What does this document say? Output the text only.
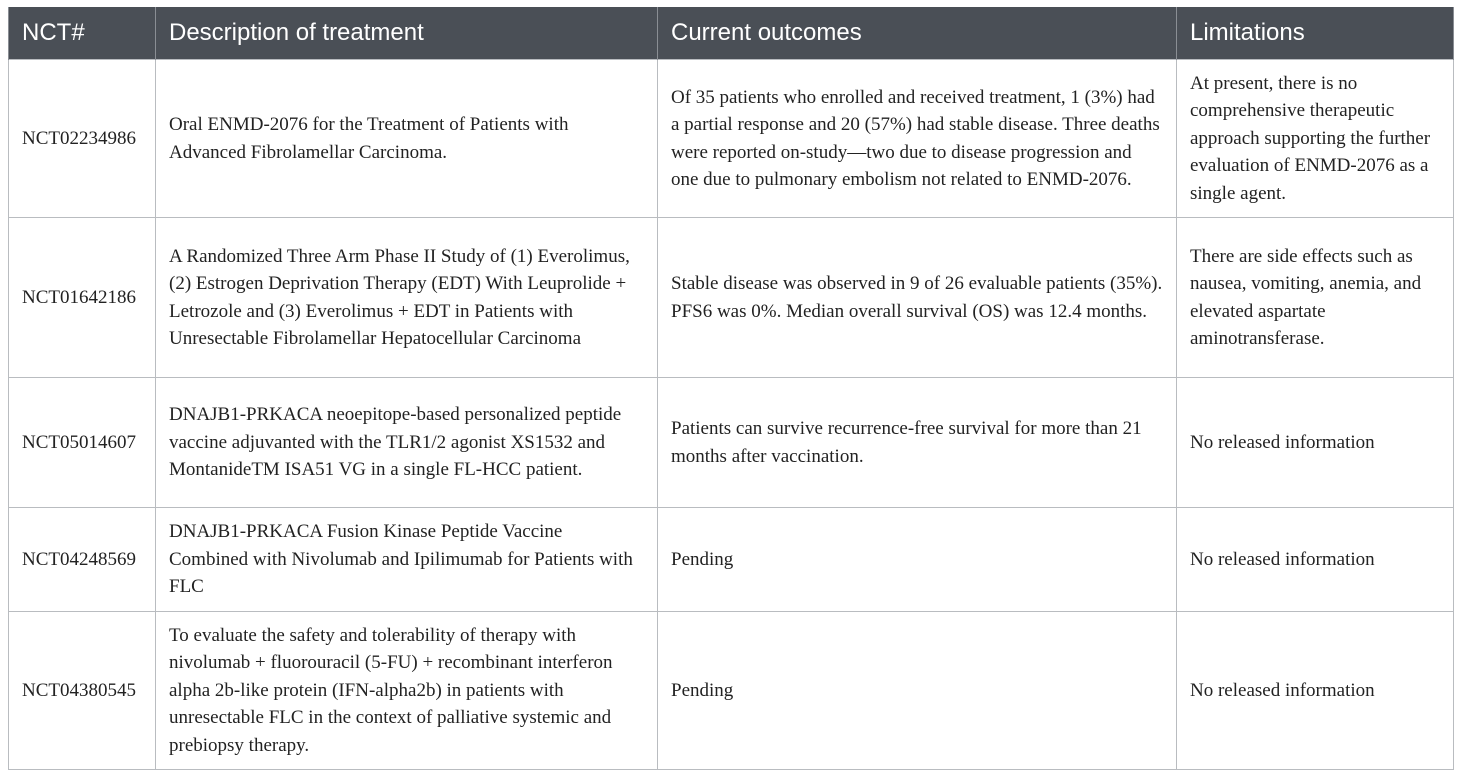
NCT#	Description of treatment	Current outcomes	Limitations
NCT02234986	Oral ENMD-2076 for the Treatment of Patients with Advanced Fibrolamellar Carcinoma.	Of 35 patients who enrolled and received treatment, 1 (3%) had a partial response and 20 (57%) had stable disease. Three deaths were reported on-study—two due to disease progression and one due to pulmonary embolism not related to ENMD-2076.	At present, there is no comprehensive therapeutic approach supporting the further evaluation of ENMD-2076 as a single agent.
NCT01642186	A Randomized Three Arm Phase II Study of (1) Everolimus, (2) Estrogen Deprivation Therapy (EDT) With Leuprolide + Letrozole and (3) Everolimus + EDT in Patients with Unresectable Fibrolamellar Hepatocellular Carcinoma	Stable disease was observed in 9 of 26 evaluable patients (35%). PFS6 was 0%. Median overall survival (OS) was 12.4 months.	There are side effects such as nausea, vomiting, anemia, and elevated aspartate aminotransferase.
NCT05014607	DNAJB1-PRKACA neoepitope-based personalized peptide vaccine adjuvanted with the TLR1/2 agonist XS1532 and MontanideTM ISA51 VG in a single FL-HCC patient.	Patients can survive recurrence-free survival for more than 21 months after vaccination.	No released information
NCT04248569	DNAJB1-PRKACA Fusion Kinase Peptide Vaccine Combined with Nivolumab and Ipilimumab for Patients with FLC	Pending	No released information
NCT04380545	To evaluate the safety and tolerability of therapy with nivolumab + fluorouracil (5-FU) + recombinant interferon alpha 2b-like protein (IFN-alpha2b) in patients with unresectable FLC in the context of palliative systemic and prebiopsy therapy.	Pending	No released information
